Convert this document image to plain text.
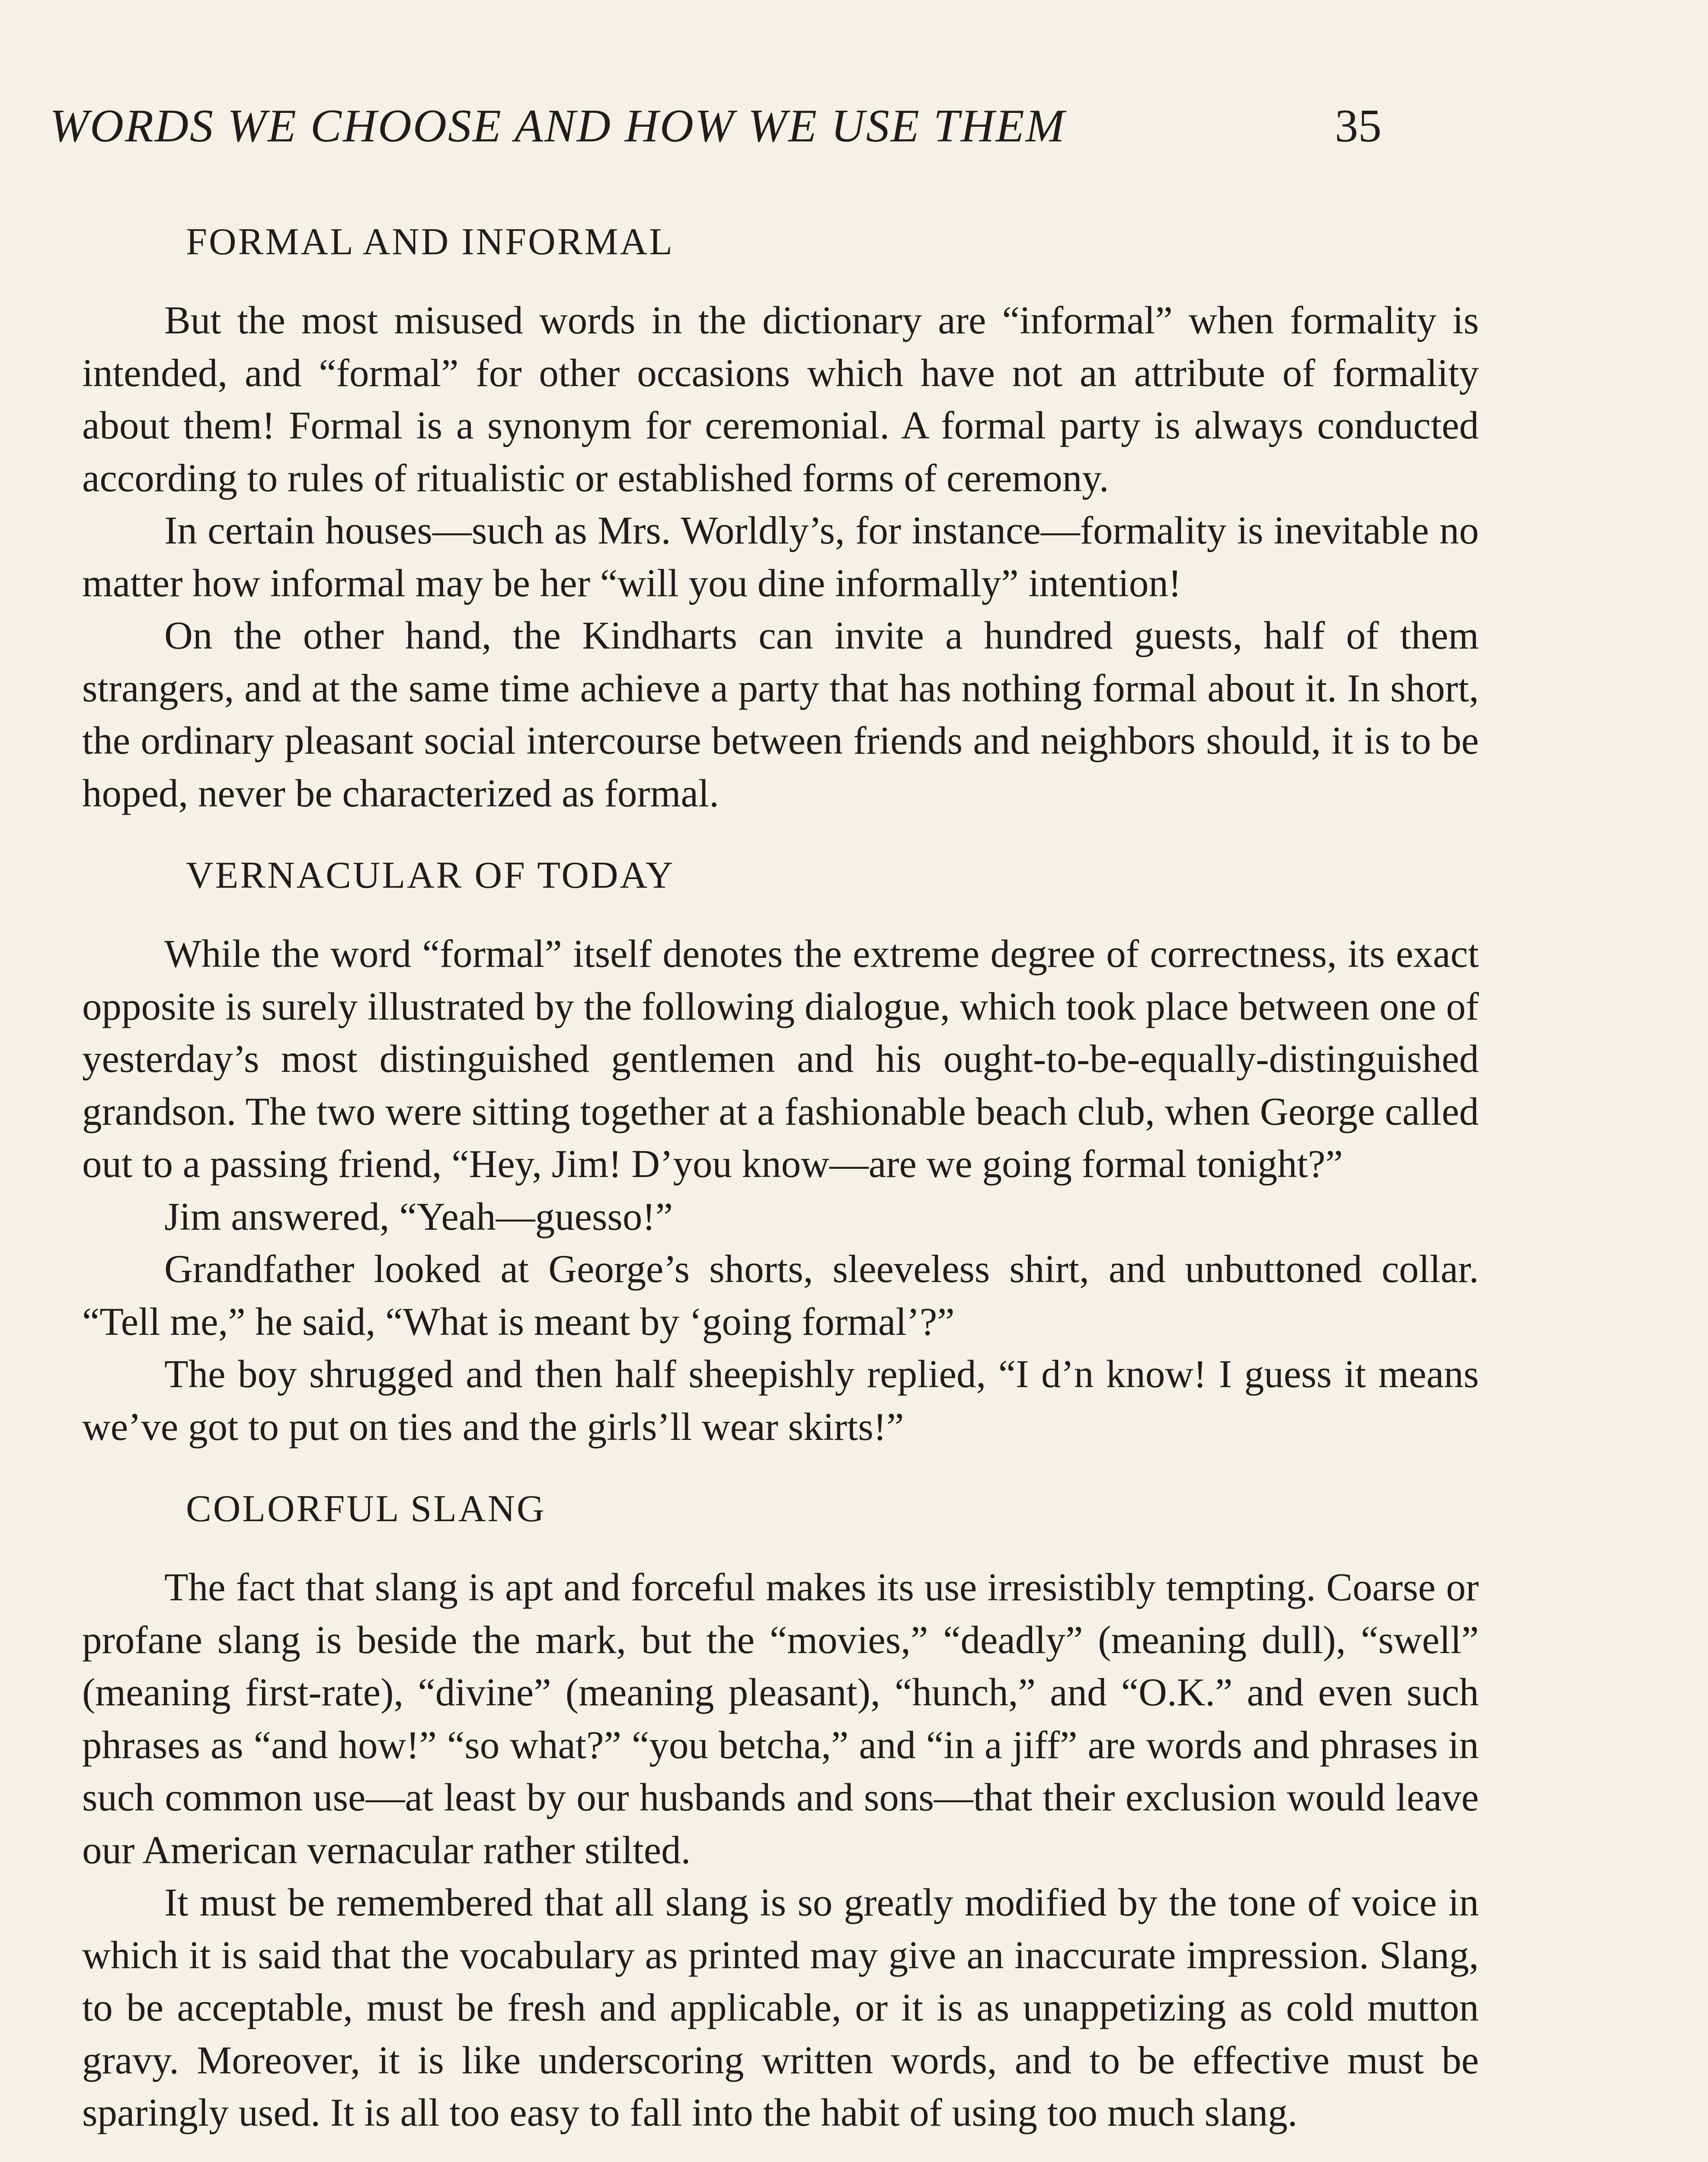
WORDS WE CHOOSE AND HOW WE USE THEM	35
FORMAL AND INFORMAL

But the most misused words in the dictionary are “informal” when formality is intended, and “formal” for other occasions which have not an attribute of formality about them! Formal is a synonym for ceremonial. A formal party is always conducted according to rules of ritualistic or established forms of ceremony.

In certain houses—such as Mrs. Worldly’s, for instance—formality is inevitable no matter how informal may be her “will you dine informally” intention!

On the other hand, the Kindharts can invite a hundred guests, half of them strangers, and at the same time achieve a party that has nothing formal about it. In short, the ordinary pleasant social intercourse between friends and neighbors should, it is to be hoped, never be characterized as formal.

VERNACULAR OF TODAY

While the word “formal” itself denotes the extreme degree of correctness, its exact opposite is surely illustrated by the following dialogue, which took place between one of yesterday’s most distinguished gentlemen and his ought-to-be-equally-distinguished grandson. The two were sitting together at a fashionable beach club, when George called out to a passing friend, “Hey, Jim! D’you know—are we going formal tonight?”

Jim answered, “Yeah—guesso!”

Grandfather looked at George’s shorts, sleeveless shirt, and unbuttoned collar. “Tell me,” he said, “What is meant by ‘going formal’?”

The boy shrugged and then half sheepishly replied, “I d’n know! I guess it means we’ve got to put on ties and the girls’ll wear skirts!”

COLORFUL SLANG

The fact that slang is apt and forceful makes its use irresistibly tempting. Coarse or profane slang is beside the mark, but the “movies,” “deadly” (meaning dull), “swell” (meaning first-rate), “divine” (meaning pleasant), “hunch,” and “O.K.” and even such phrases as “and how!” “so what?” “you betcha,” and “in a jiff” are words and phrases in such common use—at least by our husbands and sons—that their exclusion would leave our American vernacular rather stilted.

It must be remembered that all slang is so greatly modified by the tone of voice in which it is said that the vocabulary as printed may give an inaccurate impression. Slang, to be acceptable, must be fresh and applicable, or it is as unappetizing as cold mutton gravy. Moreover, it is like underscoring written words, and to be effective must be sparingly used. It is all too easy to fall into the habit of using too much slang.
